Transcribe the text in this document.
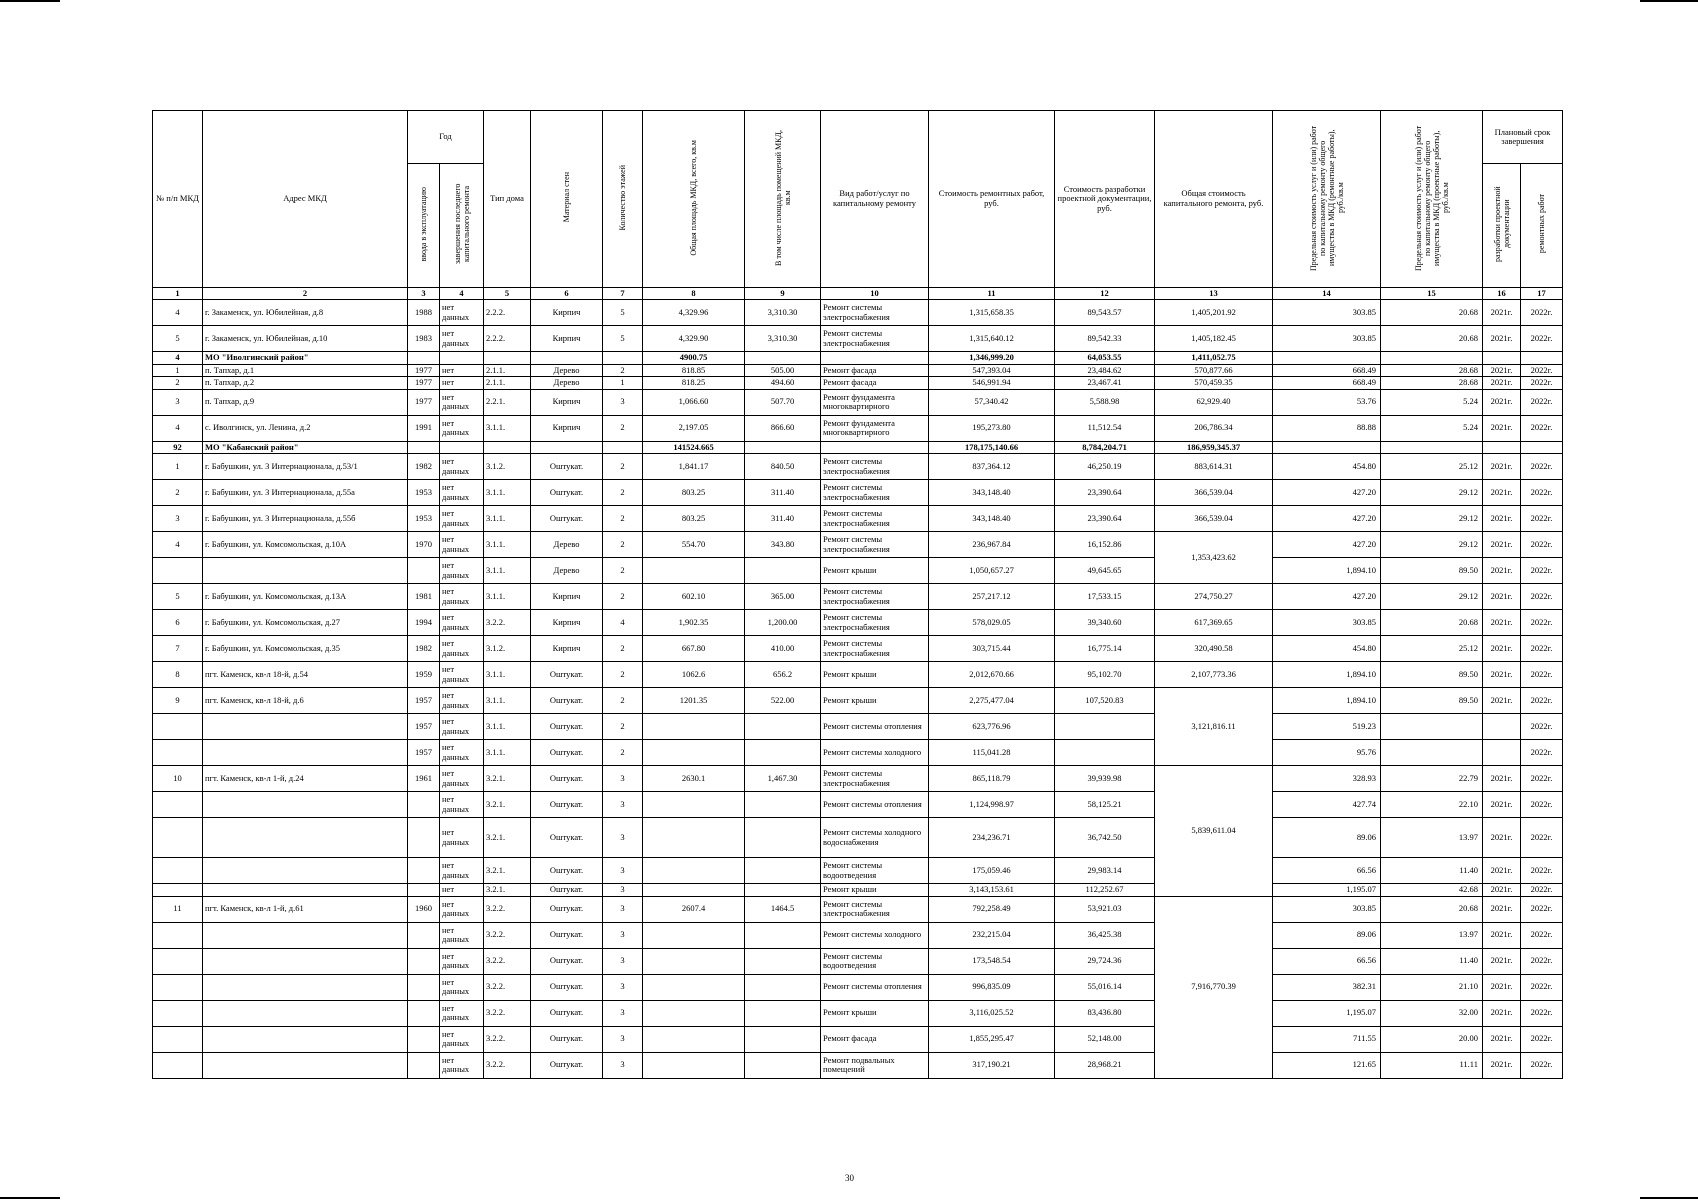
№ п/п МКД	Адрес МКД	Год		Тип дома	Материал стен	Количество этажей	Общая площадь МКД, всего, кв.м	В том числе площадь помещений МКД, кв.м	Вид работ/услуг по капитальному ремонту	Стоимость ремонтных работ, руб.	Стоимость разработки проектной документации, руб.	Общая стоимость капитального ремонта, руб.	Предельная стоимость услуг и (или) работ по капитальному ремонту общего имущества в МКД (ремонтные работы), руб./кв.м	Предельная стоимость услуг и (или) работ по капитальному ремонту общего имущества в МКД (проектные работы), руб./кв.м	Плановый срок завершения	
		ввода в эксплуатацию	завершения последнего капитального ремонта												разработки проектной документации	ремонтных работ
1	2	3	4	5	6	7	8	9	10	11	12	13	14	15	16	17
4	г. Закаменск, ул. Юбилейная, д.8	1988	нет данных	2.2.2.	Кирпич	5	4,329.96	3,310.30	Ремонт системы электроснабжения	1,315,658.35	89,543.57	1,405,201.92	303.85	20.68	2021г.	2022г.
5	г. Закаменск, ул. Юбилейная, д.10	1983	нет данных	2.2.2.	Кирпич	5	4,329.90	3,310.30	Ремонт системы электроснабжения	1,315,640.12	89,542.33	1,405,182.45	303.85	20.68	2021г.	2022г.
4	МО "Иволгинский район"						4900.75			1,346,999.20	64,053.55	1,411,052.75				
1	п. Тапхар, д.1	1977	нет	2.1.1.	Дерево	2	818.85	505.00	Ремонт фасада	547,393.04	23,484.62	570,877.66	668.49	28.68	2021г.	2022г.
2	п. Тапхар, д.2	1977	нет	2.1.1.	Дерево	1	818.25	494.60	Ремонт фасада	546,991.94	23,467.41	570,459.35	668.49	28.68	2021г.	2022г.
3	п. Тапхар, д.9	1977	нет данных	2.2.1.	Кирпич	3	1,066.60	507.70	Ремонт фундамента многоквартирного	57,340.42	5,588.98	62,929.40	53.76	5.24	2021г.	2022г.
4	с. Иволгинск, ул. Ленина, д.2	1991	нет данных	3.1.1.	Кирпич	2	2,197.05	866.60	Ремонт фундамента многоквартирного	195,273.80	11,512.54	206,786.34	88.88	5.24	2021г.	2022г.
92	МО "Кабанский район"						141524.665			178,175,140.66	8,784,204.71	186,959,345.37				
1	г. Бабушкин, ул. 3 Интернационала, д.53/1	1982	нет данных	3.1.2.	Оштукат.	2	1,841.17	840.50	Ремонт системы электроснабжения	837,364.12	46,250.19	883,614.31	454.80	25.12	2021г.	2022г.
2	г. Бабушкин, ул. 3 Интернационала, д.55а	1953	нет данных	3.1.1.	Оштукат.	2	803.25	311.40	Ремонт системы электроснабжения	343,148.40	23,390.64	366,539.04	427.20	29.12	2021г.	2022г.
3	г. Бабушкин, ул. 3 Интернационала, д.55б	1953	нет данных	3.1.1.	Оштукат.	2	803.25	311.40	Ремонт системы электроснабжения	343,148.40	23,390.64	366,539.04	427.20	29.12	2021г.	2022г.
4	г. Бабушкин, ул. Комсомольская, д.10А	1970	нет данных	3.1.1.	Дерево	2	554.70	343.80	Ремонт системы электроснабжения	236,967.84	16,152.86	1,353,423.62	427.20	29.12	2021г.	2022г.
			нет данных	3.1.1.	Дерево	2			Ремонт крыши	1,050,657.27	49,645.65		1,894.10	89.50	2021г.	2022г.
5	г. Бабушкин, ул. Комсомольская, д.13А	1981	нет данных	3.1.1.	Кирпич	2	602.10	365.00	Ремонт системы электроснабжения	257,217.12	17,533.15	274,750.27	427.20	29.12	2021г.	2022г.
6	г. Бабушкин, ул. Комсомольская, д.27	1994	нет данных	3.2.2.	Кирпич	4	1,902.35	1,200.00	Ремонт системы электроснабжения	578,029.05	39,340.60	617,369.65	303.85	20.68	2021г.	2022г.
7	г. Бабушкин, ул. Комсомольская, д.35	1982	нет данных	3.1.2.	Кирпич	2	667.80	410.00	Ремонт системы электроснабжения	303,715.44	16,775.14	320,490.58	454.80	25.12	2021г.	2022г.
8	пгт. Каменск, кв-л 18-й, д.54	1959	нет данных	3.1.1.	Оштукат.	2	1062.6	656.2	Ремонт крыши	2,012,670.66	95,102.70	2,107,773.36	1,894.10	89.50	2021г.	2022г.
9	пгт. Каменск, кв-л 18-й, д.6	1957	нет данных	3.1.1.	Оштукат.	2	1201.35	522.00	Ремонт крыши	2,275,477.04	107,520.83	3,121,816.11	1,894.10	89.50	2021г.	2022г.
		1957	нет данных	3.1.1.	Оштукат.	2			Ремонт системы отопления	623,776.96			519.23			2022г.
		1957	нет данных	3.1.1.	Оштукат.	2			Ремонт системы холодного	115,041.28			95.76			2022г.
10	пгт. Каменск, кв-л 1-й, д.24	1961	нет данных	3.2.1.	Оштукат.	3	2630.1	1,467.30	Ремонт системы электроснабжения	865,118.79	39,939.98	5,839,611.04	328.93	22.79	2021г.	2022г.
			нет данных	3.2.1.	Оштукат.	3			Ремонт системы отопления	1,124,998.97	58,125.21		427.74	22.10	2021г.	2022г.
			нет данных	3.2.1.	Оштукат.	3			Ремонт системы холодного водоснабжения	234,236.71	36,742.50		89.06	13.97	2021г.	2022г.
			нет данных	3.2.1.	Оштукат.	3			Ремонт системы водоотведения	175,059.46	29,983.14		66.56	11.40	2021г.	2022г.
			нет	3.2.1.	Оштукат.	3			Ремонт крыши	3,143,153.61	112,252.67		1,195.07	42.68	2021г.	2022г.
11	пгт. Каменск, кв-л 1-й, д.61	1960	нет данных	3.2.2.	Оштукат.	3	2607.4	1464.5	Ремонт системы электроснабжения	792,258.49	53,921.03	7,916,770.39	303.85	20.68	2021г.	2022г.
			нет данных	3.2.2.	Оштукат.	3			Ремонт системы холодного	232,215.04	36,425.38		89.06	13.97	2021г.	2022г.
			нет данных	3.2.2.	Оштукат.	3			Ремонт системы водоотведения	173,548.54	29,724.36		66.56	11.40	2021г.	2022г.
			нет данных	3.2.2.	Оштукат.	3			Ремонт системы отопления	996,835.09	55,016.14		382.31	21.10	2021г.	2022г.
			нет данных	3.2.2.	Оштукат.	3			Ремонт крыши	3,116,025.52	83,436.80		1,195.07	32.00	2021г.	2022г.
			нет данных	3.2.2.	Оштукат.	3			Ремонт фасада	1,855,295.47	52,148.00		711.55	20.00	2021г.	2022г.
			нет данных	3.2.2.	Оштукат.	3			Ремонт подвальных помещений	317,190.21	28,968.21		121.65	11.11	2021г.	2022г.
30
